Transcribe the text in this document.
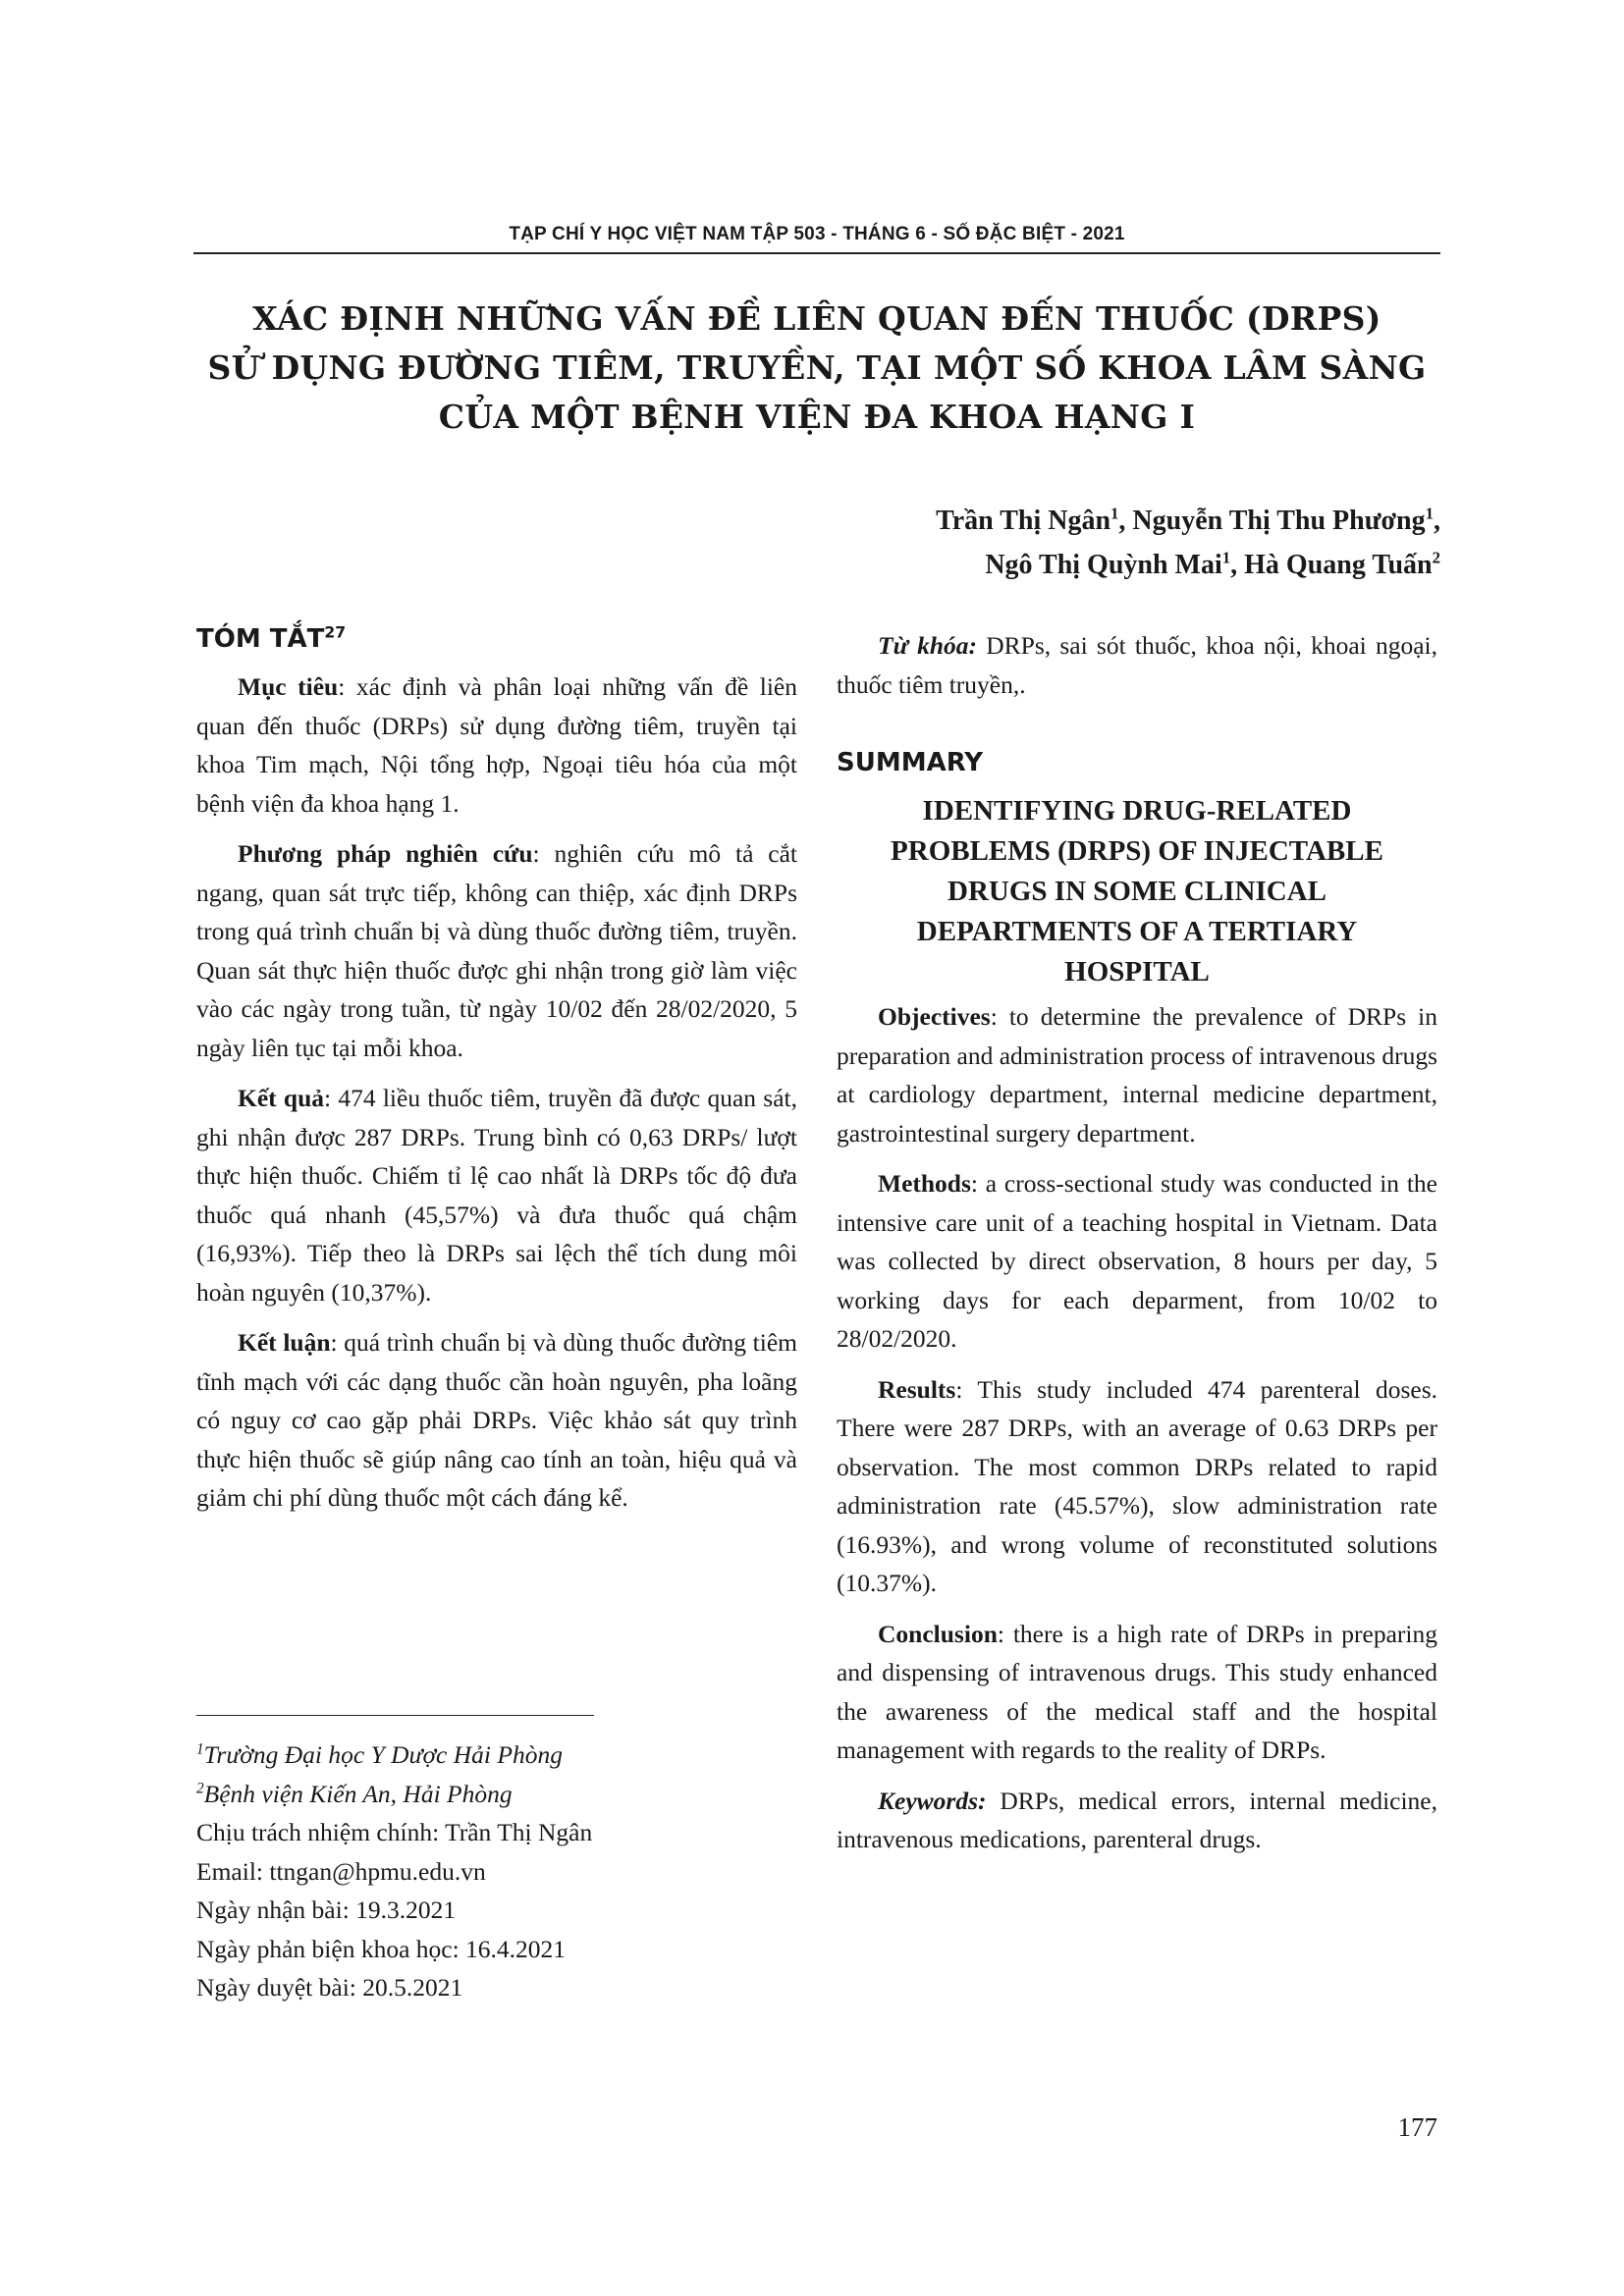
TẠP CHÍ Y HỌC VIỆT NAM TẬP 503 - THÁNG 6 - SỐ ĐẶC BIỆT - 2021
XÁC ĐỊNH NHỮNG VẤN ĐỀ LIÊN QUAN ĐẾN THUỐC (DRPS)
SỬ DỤNG ĐƯỜNG TIÊM, TRUYỀN, TẠI MỘT SỐ KHOA LÂM SÀNG
CỦA MỘT BỆNH VIỆN ĐA KHOA HẠNG I
Trần Thị Ngân$^1$, Nguyễn Thị Thu Phương$^1$,
Ngô Thị Quỳnh Mai$^1$, Hà Quang Tuấn$^2$
TÓM TẮT$^{27}$

Mục tiêu: xác định và phân loại những vấn đề liên quan đến thuốc (DRPs) sử dụng đường tiêm, truyền tại khoa Tim mạch, Nội tổng hợp, Ngoại tiêu hóa của một bệnh viện đa khoa hạng 1.

Phương pháp nghiên cứu: nghiên cứu mô tả cắt ngang, quan sát trực tiếp, không can thiệp, xác định DRPs trong quá trình chuẩn bị và dùng thuốc đường tiêm, truyền. Quan sát thực hiện thuốc được ghi nhận trong giờ làm việc vào các ngày trong tuần, từ ngày 10/02 đến 28/02/2020, 5 ngày liên tục tại mỗi khoa.

Kết quả: 474 liều thuốc tiêm, truyền đã được quan sát, ghi nhận được 287 DRPs. Trung bình có 0,63 DRPs/ lượt thực hiện thuốc. Chiếm tỉ lệ cao nhất là DRPs tốc độ đưa thuốc quá nhanh (45,57%) và đưa thuốc quá chậm (16,93%). Tiếp theo là DRPs sai lệch thể tích dung môi hoàn nguyên (10,37%).

Kết luận: quá trình chuẩn bị và dùng thuốc đường tiêm tĩnh mạch với các dạng thuốc cần hoàn nguyên, pha loãng có nguy cơ cao gặp phải DRPs. Việc khảo sát quy trình thực hiện thuốc sẽ giúp nâng cao tính an toàn, hiệu quả và giảm chi phí dùng thuốc một cách đáng kể.

Từ khóa: DRPs, sai sót thuốc, khoa nội, khoai ngoại, thuốc tiêm truyền,.

SUMMARY
IDENTIFYING DRUG-RELATED
PROBLEMS (DRPS) OF INJECTABLE
DRUGS IN SOME CLINICAL
DEPARTMENTS OF A TERTIARY
HOSPITAL

Objectives: to determine the prevalence of DRPs in preparation and administration process of intravenous drugs at cardiology department, internal medicine department, gastrointestinal surgery department.

Methods: a cross-sectional study was conducted in the intensive care unit of a teaching hospital in Vietnam. Data was collected by direct observation, 8 hours per day, 5 working days for each deparment, from 10/02 to 28/02/2020.

Results: This study included 474 parenteral doses. There were 287 DRPs, with an average of 0.63 DRPs per observation. The most common DRPs related to rapid administration rate (45.57%), slow administration rate (16.93%), and wrong volume of reconstituted solutions (10.37%).

Conclusion: there is a high rate of DRPs in preparing and dispensing of intravenous drugs. This study enhanced the awareness of the medical staff and the hospital management with regards to the reality of DRPs.

Keywords: DRPs, medical errors, internal medicine, intravenous medications, parenteral drugs.

$^1$Trường Đại học Y Dược Hải Phòng
$^2$Bệnh viện Kiến An, Hải Phòng
Chịu trách nhiệm chính: Trần Thị Ngân
Email: ttngan@hpmu.edu.vn
Ngày nhận bài: 19.3.2021
Ngày phản biện khoa học: 16.4.2021
Ngày duyệt bài: 20.5.2021
177
